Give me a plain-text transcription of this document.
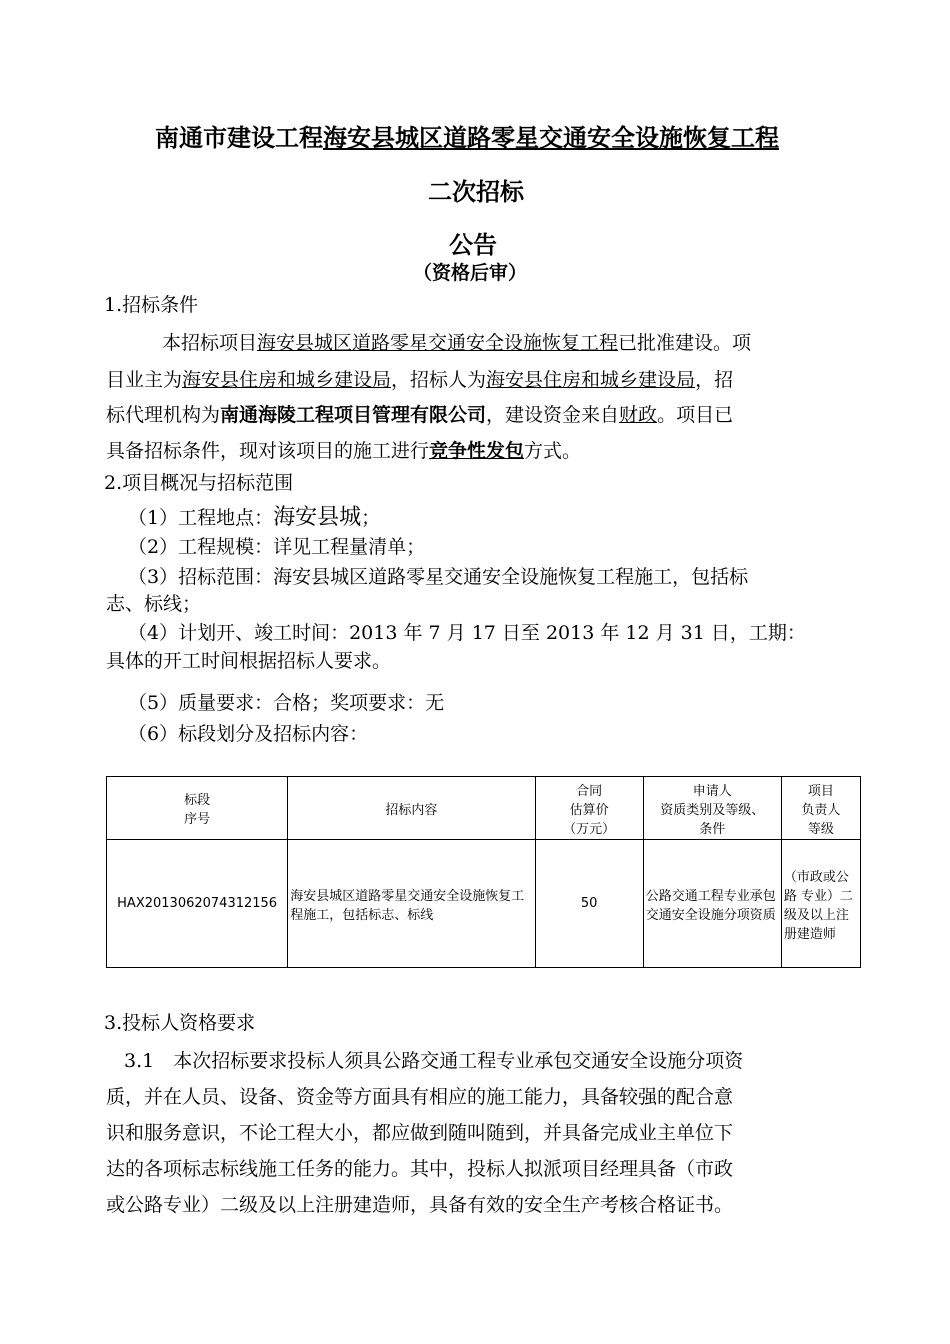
南通市建设工程海安县城区道路零星交通安全设施恢复工程
二次招标
公告
（资格后审）
1.招标条件
本招标项目海安县城区道路零星交通安全设施恢复工程已批准建设。项
目业主为海安县住房和城乡建设局，招标人为海安县住房和城乡建设局，招
标代理机构为南通海陵工程项目管理有限公司，建设资金来自财政。项目已
具备招标条件，现对该项目的施工进行竞争性发包方式。
2.项目概况与招标范围
（1）工程地点：海安县城；
（2）工程规模：详见工程量清单；
（3）招标范围：海安县城区道路零星交通安全设施恢复工程施工，包括标
志、标线；
（4）计划开、竣工时间：2013 年 7 月 17 日至 2013 年 12 月 31 日，工期：
具体的开工时间根据招标人要求。
（5）质量要求：合格；奖项要求：无
（6）标段划分及招标内容：
标段
序号	招标内容	合同
估算价
（万元）	申请人
资质类别及等级、
条件	项目
负责人
等级
HAX2013062074312156	海安县城区道路零星交通安全设施恢复工程施工，包括标志、标线	50	公路交通工程专业承包交通安全设施分项资质	（市政或公 路 专业）二级及以上注册建造师
3.投标人资格要求
3.1　本次招标要求投标人须具公路交通工程专业承包交通安全设施分项资
质，并在人员、设备、资金等方面具有相应的施工能力，具备较强的配合意
识和服务意识，不论工程大小，都应做到随叫随到，并具备完成业主单位下
达的各项标志标线施工任务的能力。其中，投标人拟派项目经理具备（市政
或公路专业）二级及以上注册建造师，具备有效的安全生产考核合格证书。
